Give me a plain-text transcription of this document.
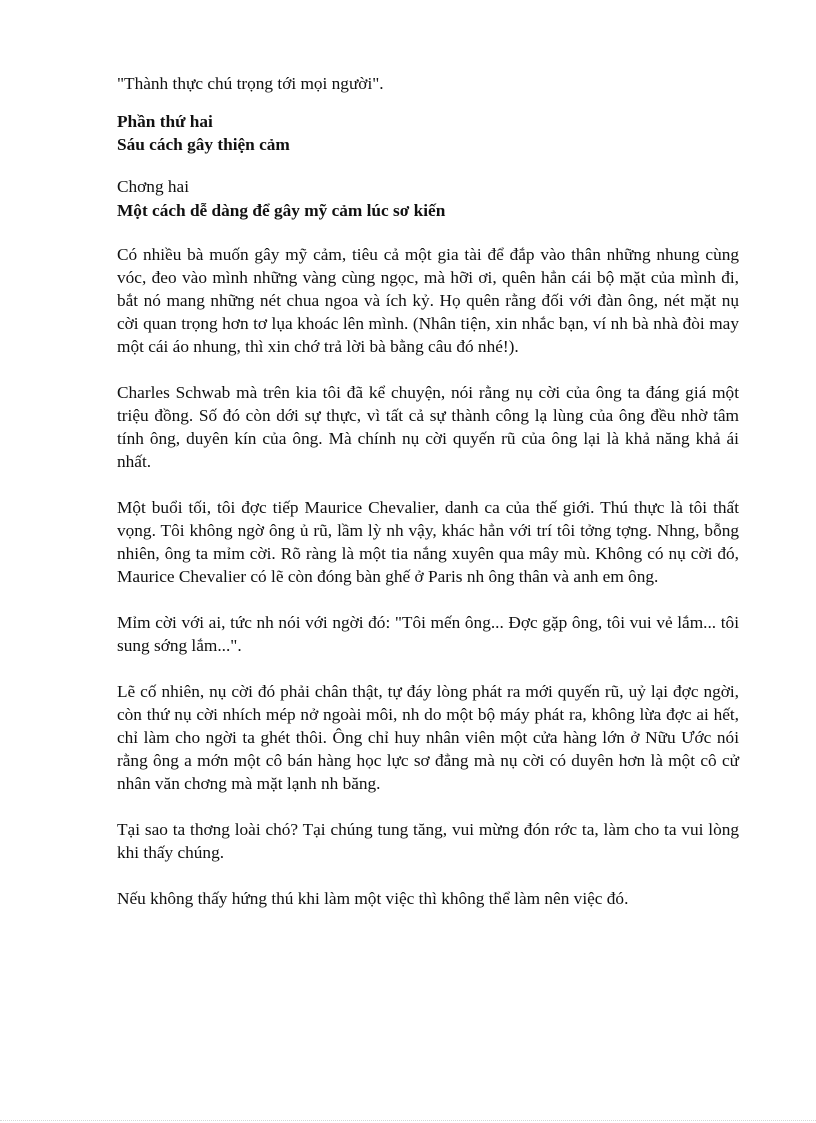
"Thành thực chú trọng tới mọi người".

Phần thứ hai
Sáu cách gây thiện cảm

Chơng hai

Một cách dễ dàng để gây mỹ cảm lúc sơ kiến

Có nhiều bà muốn gây mỹ cảm, tiêu cả một gia tài để đắp vào thân những nhung cùng vóc, đeo vào mình những vàng cùng ngọc, mà hỡi ơi, quên hẳn cái bộ mặt của mình đi, bắt nó mang những nét chua ngoa và ích kỷ. Họ quên rằng đối với đàn ông, nét mặt nụ cời quan trọng hơn tơ lụa khoác lên mình. (Nhân tiện, xin nhắc bạn, ví nh bà nhà đòi may một cái áo nhung, thì xin chớ trả lời bà bằng câu đó nhé!).

Charles Schwab mà trên kia tôi đã kể chuyện, nói rằng nụ cời của ông ta đáng giá một triệu đồng. Số đó còn dới sự thực, vì tất cả sự thành công lạ lùng của ông đều nhờ tâm tính ông, duyên kín của ông. Mà chính nụ cời quyến rũ của ông lại là khả năng khả ái nhất.

Một buổi tối, tôi đợc tiếp Maurice Chevalier, danh ca của thế giới. Thú thực là tôi thất vọng. Tôi không ngờ ông ủ rũ, lầm lỳ nh vậy, khác hẳn với trí tôi tởng tợng. Nhng, bỗng nhiên, ông ta mỉm cời. Rõ ràng là một tia nắng xuyên qua mây mù. Không có nụ cời đó, Maurice Chevalier có lẽ còn đóng bàn ghế ở Paris nh ông thân và anh em ông.

Mỉm cời với ai, tức nh nói với ngời đó: "Tôi mến ông... Đợc gặp ông, tôi vui vẻ lắm... tôi sung sớng lắm...".

Lẽ cố nhiên, nụ cời đó phải chân thật, tự đáy lòng phát ra mới quyến rũ, uỷ lại đợc ngời, còn thứ nụ cời nhích mép nở ngoài môi, nh do một bộ máy phát ra, không lừa đợc ai hết, chỉ làm cho ngời ta ghét thôi. Ông chỉ huy nhân viên một cửa hàng lớn ở Nữu Ước nói rằng ông a mớn một cô bán hàng học lực sơ đẳng mà nụ cời có duyên hơn là một cô cử nhân văn chơng mà mặt lạnh nh băng.

Tại sao ta thơng loài chó? Tại chúng tung tăng, vui mừng đón rớc ta, làm cho ta vui lòng khi thấy chúng.

Nếu không thấy hứng thú khi làm một việc thì không thể làm nên việc đó.
